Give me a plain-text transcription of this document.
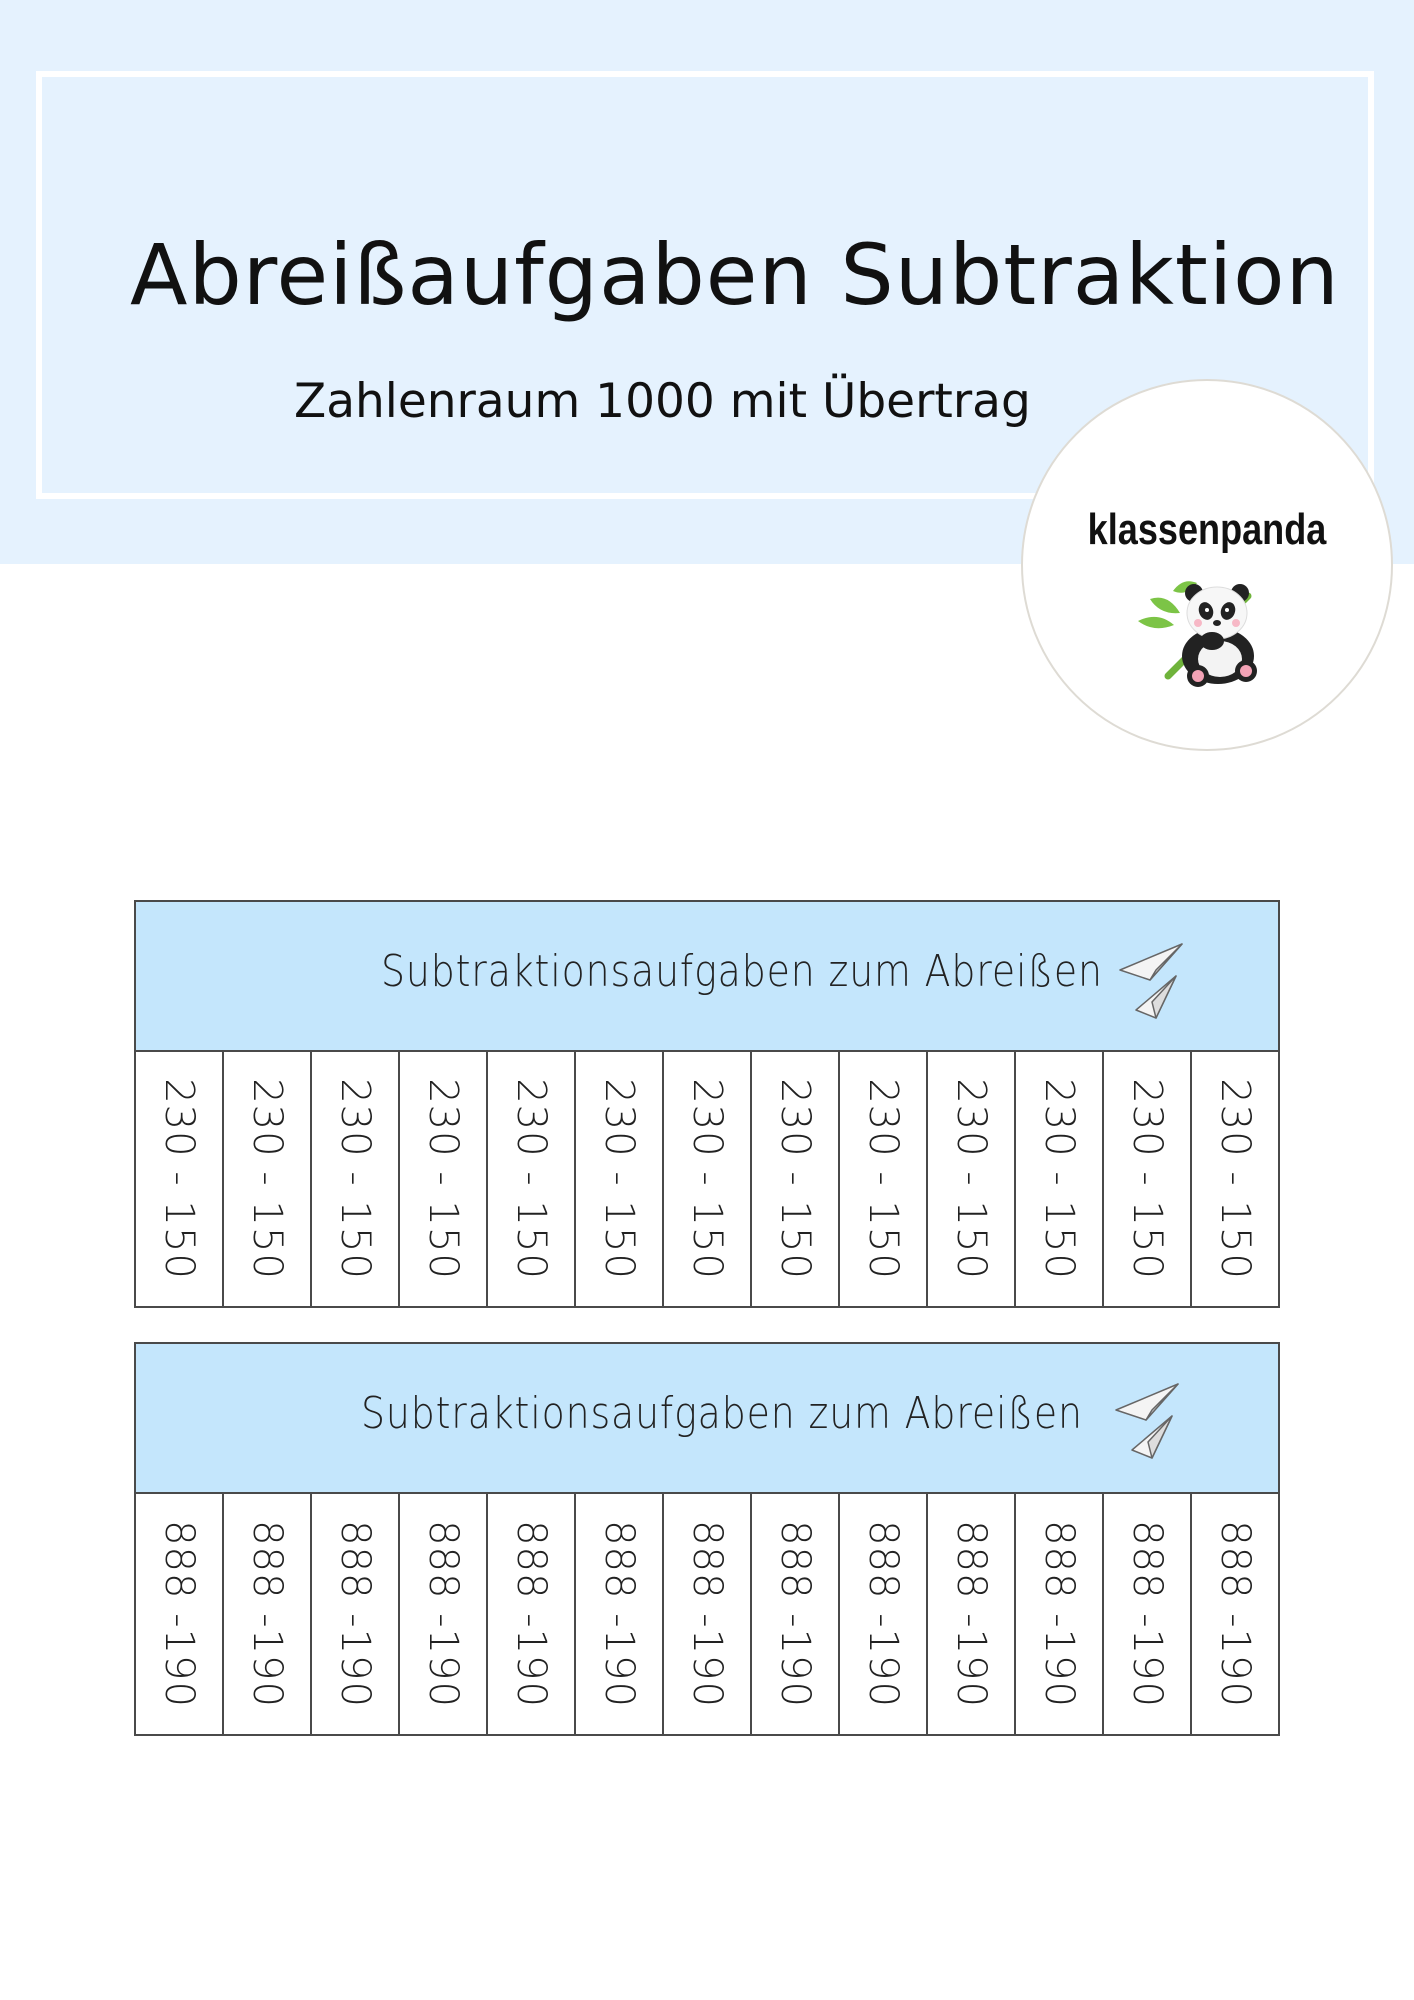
Abreißaufgaben Subtraktion
Zahlenraum 1000 mit Übertrag
klassenpanda
Subtraktionsaufgaben zum Abreißen
230 - 150 230 - 150 230 - 150 230 - 150 230 - 150 230 - 150 230 - 150 230 - 150 230 - 150 230 - 150 230 - 150 230 - 150 230 - 150
Subtraktionsaufgaben zum Abreißen
888 -190 888 -190 888 -190 888 -190 888 -190 888 -190 888 -190 888 -190 888 -190 888 -190 888 -190 888 -190 888 -190
